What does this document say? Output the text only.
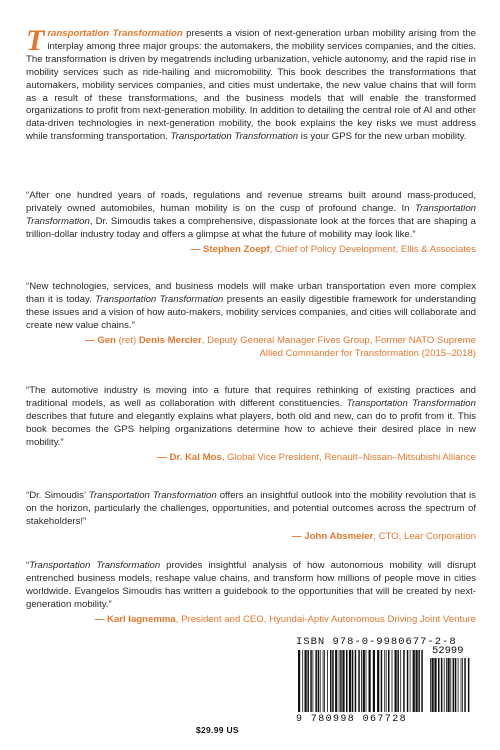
Transportation Transformation presents a vision of next-generation urban mobility arising from the interplay among three major groups: the automakers, the mobility services companies, and the cities. The transformation is driven by megatrends including urbanization, vehicle autonomy, and the rapid rise in mobility services such as ride-hailing and micromobility. This book describes the transformations that automakers, mobility services companies, and cities must undertake, the new value chains that will form as a result of these transformations, and the business models that will enable the transformed organizations to profit from next-generation mobility. In addition to detailing the central role of AI and other data-driven technologies in next-generation mobility, the book explains the key risks we must address while transforming transportation. Transportation Transformation is your GPS for the new urban mobility.

“After one hundred years of roads, regulations and revenue streams built around mass-produced, privately owned automobiles, human mobility is on the cusp of profound change. In Transportation Transformation, Dr. Simoudis takes a comprehensive, dispassionate look at the forces that are shaping a trillion-dollar industry today and offers a glimpse at what the future of mobility may look like.”

— Stephen Zoepf, Chief of Policy Development, Ellis & Associates

“New technologies, services, and business models will make urban transportation even more complex than it is today. Transportation Transformation presents an easily digestible framework for understanding these issues and a vision of how auto-makers, mobility services companies, and cities will collaborate and create new value chains.”

— Gen (ret) Denis Mercier, Deputy General Manager Fives Group, Former NATO Supreme Allied Commander for Transformation (2015–2018)

“The automotive industry is moving into a future that requires rethinking of existing practices and traditional models, as well as collaboration with different constituencies. Transportation Transformation describes that future and elegantly explains what players, both old and new, can do to profit from it. This book becomes the GPS helping organizations determine how to achieve their desired place in new mobility.”

— Dr. Kal Mos, Global Vice President, Renault–Nissan–Mitsubishi Alliance

“Dr. Simoudis’ Transportation Transformation offers an insightful outlook into the mobility revolution that is on the horizon, particularly the challenges, opportunities, and potential outcomes across the spectrum of stakeholders!”

— John Absmeier, CTO, Lear Corporation

“Transportation Transformation provides insightful analysis of how autonomous mobility will disrupt entrenched business models, reshape value chains, and transform how millions of people move in cities worldwide. Evangelos Simoudis has written a guidebook to the opportunities that will be created by next-generation mobility.”

— Karl Iagnemma, President and CEO, Hyundai-Aptiv Autonomous Driving Joint Venture
$29.99 US
ISBN 978-0-9980677-2-8
52999
9 780998 067728
